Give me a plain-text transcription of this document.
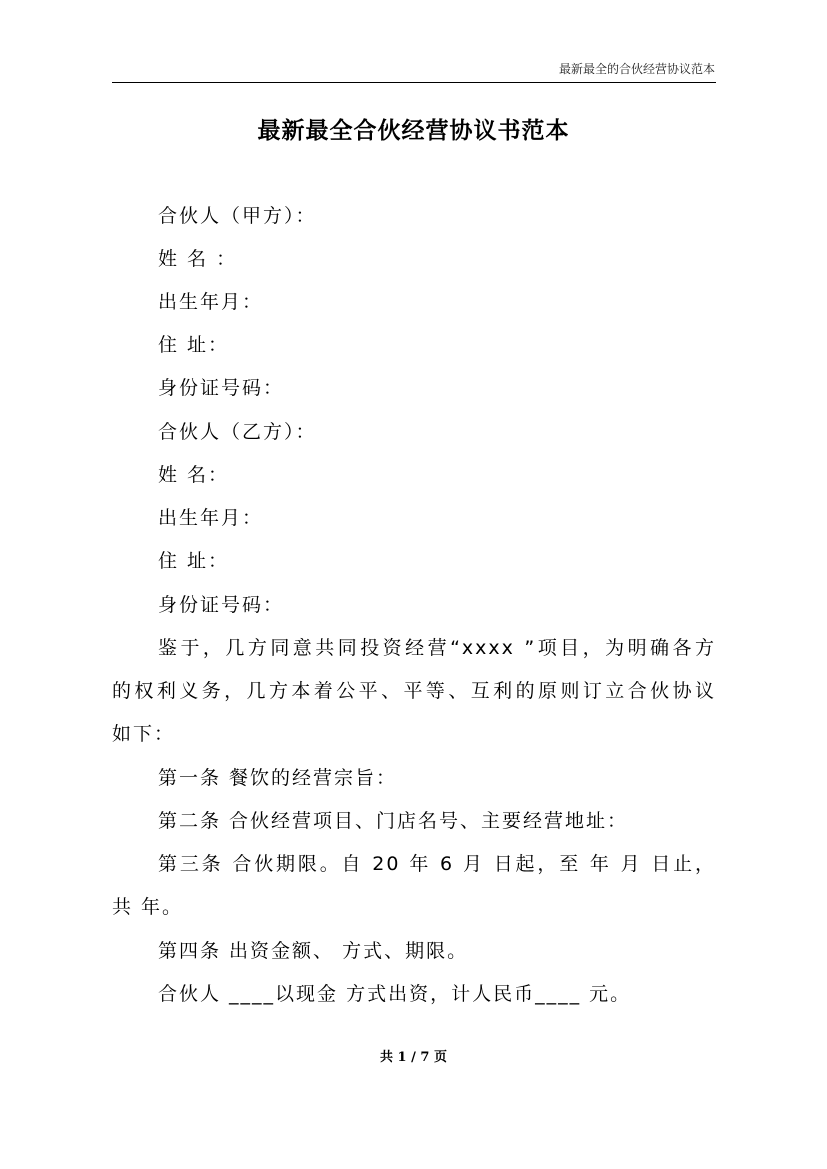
最新最全的合伙经营协议范本
最新最全合伙经营协议书范本
合伙人（甲方）：
姓 名 ：
出生年月：
住 址：
身份证号码：
合伙人（乙方）：
姓 名：
出生年月：
住 址：
身份证号码：
鉴于，几方同意共同投资经营“xxxx ”项目，为明确各方
的权利义务，几方本着公平、平等、互利的原则订立合伙协议
如下：
第一条 餐饮的经营宗旨：
第二条 合伙经营项目、门店名号、主要经营地址：
第三条 合伙期限。自 20 年 6 月 日起，至 年 月 日止，
共 年。
第四条 出资金额、 方式、期限。
合伙人 ____以现金 方式出资，计人民币____ 元。
共 1 / 7 页
